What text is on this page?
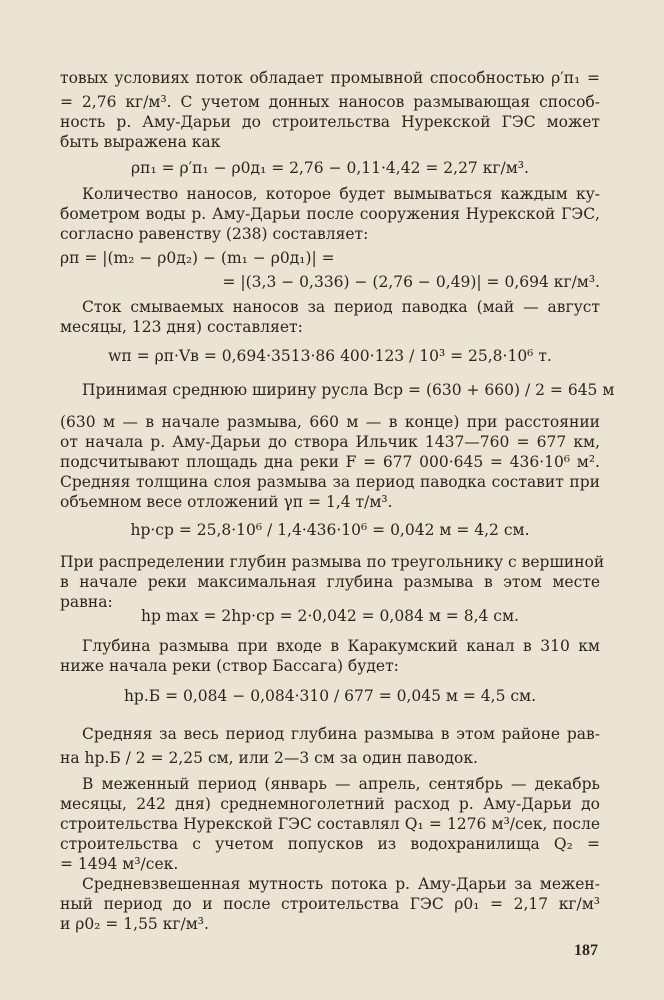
товых условиях поток обладает промывной способностью ρ′п₁ =
= 2,76 кг/м³. С учетом донных наносов размывающая способ-
ность р. Аму-Дарьи до строительства Нурекской ГЭС может
быть выражена как
ρп₁ = ρ′п₁ − ρ0д₁ = 2,76 − 0,11·4,42 = 2,27 кг/м³.
Количество наносов, которое будет вымываться каждым ку-
бометром воды р. Аму-Дарьи после сооружения Нурекской ГЭС,
согласно равенству (238) составляет:
ρп = |(m₂ − ρ0д₂) − (m₁ − ρ0д₁)| =
= |(3,3 − 0,336) − (2,76 − 0,49)| = 0,694 кг/м³.
Сток смываемых наносов за период паводка (май — август
месяцы, 123 дня) составляет:
wп = ρп·Vв = 0,694·3513·86 400·123 / 10³ = 25,8·10⁶ т.
Принимая среднюю ширину русла Вср = (630 + 660) / 2 = 645 м
(630 м — в начале размыва, 660 м — в конце) при расстоянии
от начала р. Аму-Дарьи до створа Ильчик 1437—760 = 677 км,
подсчитывают площадь дна реки F = 677 000·645 = 436·10⁶ м².
Средняя толщина слоя размыва за период паводка составит при
объемном весе отложений γп = 1,4 т/м³.
hр·ср = 25,8·10⁶ / 1,4·436·10⁶ = 0,042 м = 4,2 см.
При распределении глубин размыва по треугольнику с вершиной
в начале реки максимальная глубина размыва в этом месте
равна:
hр max = 2hр·ср = 2·0,042 = 0,084 м = 8,4 см.
Глубина размыва при входе в Каракумский канал в 310 км
ниже начала реки (створ Бассага) будет:
hр.Б = 0,084 − 0,084·310 / 677 = 0,045 м = 4,5 см.
Средняя за весь период глубина размыва в этом районе рав-
на hр.Б / 2 = 2,25 см, или 2—3 см за один паводок.
В меженный период (январь — апрель, сентябрь — декабрь
месяцы, 242 дня) среднемноголетний расход р. Аму-Дарьи до
строительства Нурекской ГЭС составлял Q₁ = 1276 м³/сек, после
строительства с учетом попусков из водохранилища Q₂ =
= 1494 м³/сек.
Средневзвешенная мутность потока р. Аму-Дарьи за межен-
ный период до и после строительства ГЭС ρ0₁ = 2,17 кг/м³
и ρ0₂ = 1,55 кг/м³.
187
